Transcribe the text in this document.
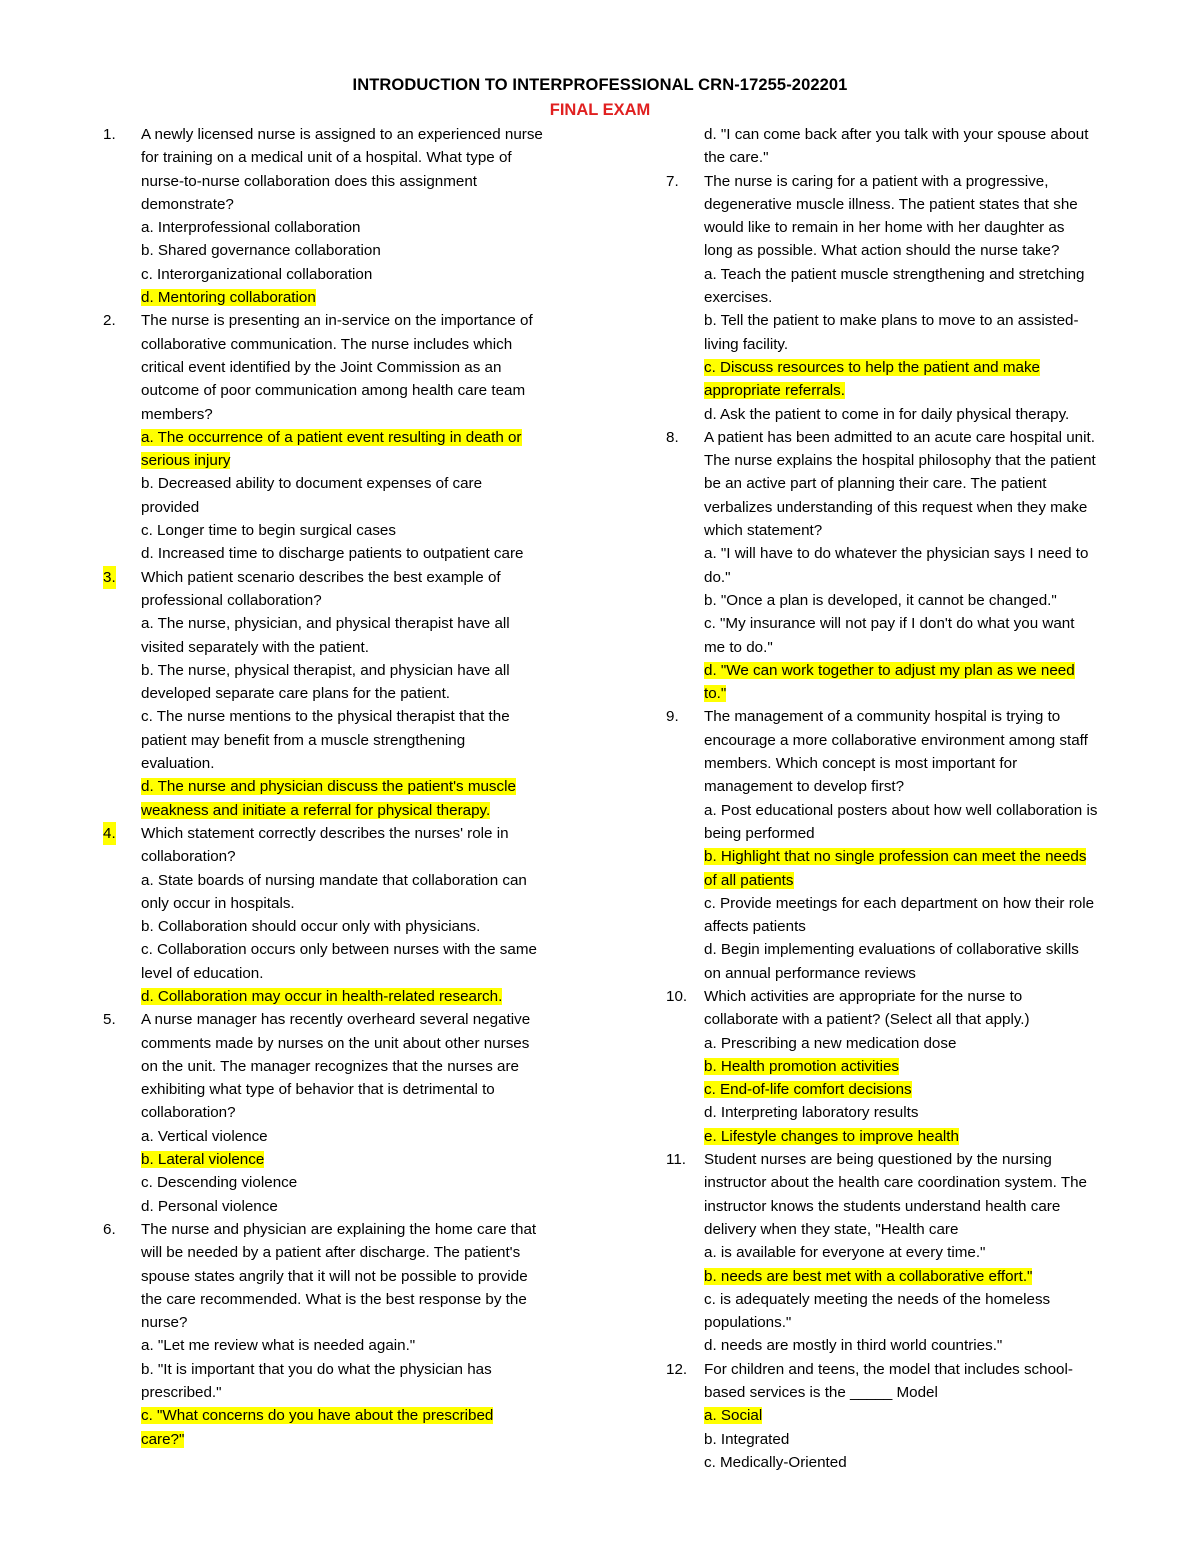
INTRODUCTION TO INTERPROFESSIONAL CRN-17255-202201
FINAL EXAM
1. A newly licensed nurse is assigned to an experienced nurse
for training on a medical unit of a hospital. What type of
nurse-to-nurse collaboration does this assignment
demonstrate?
a. Interprofessional collaboration
b. Shared governance collaboration
c. Interorganizational collaboration
d. Mentoring collaboration
2. The nurse is presenting an in-service on the importance of
collaborative communication. The nurse includes which
critical event identified by the Joint Commission as an
outcome of poor communication among health care team
members?
a. The occurrence of a patient event resulting in death or
serious injury
b. Decreased ability to document expenses of care
provided
c. Longer time to begin surgical cases
d. Increased time to discharge patients to outpatient care
3. Which patient scenario describes the best example of
professional collaboration?
a. The nurse, physician, and physical therapist have all
visited separately with the patient.
b. The nurse, physical therapist, and physician have all
developed separate care plans for the patient.
c. The nurse mentions to the physical therapist that the
patient may benefit from a muscle strengthening
evaluation.
d. The nurse and physician discuss the patient's muscle
weakness and initiate a referral for physical therapy.
4. Which statement correctly describes the nurses' role in
collaboration?
a. State boards of nursing mandate that collaboration can
only occur in hospitals.
b. Collaboration should occur only with physicians.
c. Collaboration occurs only between nurses with the same
level of education.
d. Collaboration may occur in health-related research.
5. A nurse manager has recently overheard several negative
comments made by nurses on the unit about other nurses
on the unit. The manager recognizes that the nurses are
exhibiting what type of behavior that is detrimental to
collaboration?
a. Vertical violence
b. Lateral violence
c. Descending violence
d. Personal violence
6. The nurse and physician are explaining the home care that
will be needed by a patient after discharge. The patient's
spouse states angrily that it will not be possible to provide
the care recommended. What is the best response by the
nurse?
a. "Let me review what is needed again."
b. "It is important that you do what the physician has
prescribed."
c. "What concerns do you have about the prescribed
care?"
d. "I can come back after you talk with your spouse about
the care."
7. The nurse is caring for a patient with a progressive,
degenerative muscle illness. The patient states that she
would like to remain in her home with her daughter as
long as possible. What action should the nurse take?
a. Teach the patient muscle strengthening and stretching
exercises.
b. Tell the patient to make plans to move to an assisted-
living facility.
c. Discuss resources to help the patient and make
appropriate referrals.
d. Ask the patient to come in for daily physical therapy.
8. A patient has been admitted to an acute care hospital unit.
The nurse explains the hospital philosophy that the patient
be an active part of planning their care. The patient
verbalizes understanding of this request when they make
which statement?
a. "I will have to do whatever the physician says I need to
do."
b. "Once a plan is developed, it cannot be changed."
c. "My insurance will not pay if I don't do what you want
me to do."
d. "We can work together to adjust my plan as we need
to."
9. The management of a community hospital is trying to
encourage a more collaborative environment among staff
members. Which concept is most important for
management to develop first?
a. Post educational posters about how well collaboration is
being performed
b. Highlight that no single profession can meet the needs
of all patients
c. Provide meetings for each department on how their role
affects patients
d. Begin implementing evaluations of collaborative skills
on annual performance reviews
10. Which activities are appropriate for the nurse to
collaborate with a patient? (Select all that apply.)
a. Prescribing a new medication dose
b. Health promotion activities
c. End-of-life comfort decisions
d. Interpreting laboratory results
e. Lifestyle changes to improve health
11. Student nurses are being questioned by the nursing
instructor about the health care coordination system. The
instructor knows the students understand health care
delivery when they state, "Health care
a. is available for everyone at every time."
b. needs are best met with a collaborative effort."
c. is adequately meeting the needs of the homeless
populations."
d. needs are mostly in third world countries."
12. For children and teens, the model that includes school-
based services is the _____ Model
a. Social
b. Integrated
c. Medically-Oriented
